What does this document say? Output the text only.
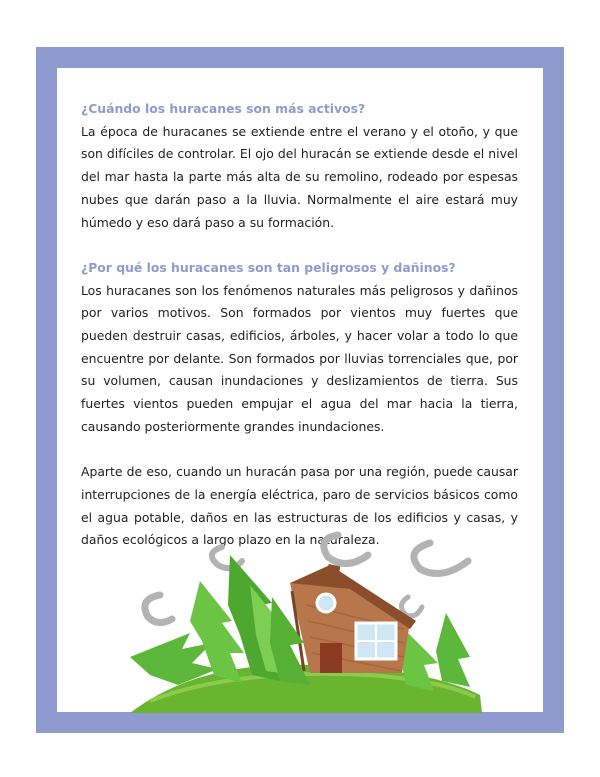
¿Cuándo los huracanes son más activos?

La época de huracanes se extiende entre el verano y el otoño, y que son difíciles de controlar. El ojo del huracán se extiende desde el nivel del mar hasta la parte más alta de su remolino, rodeado por espesas nubes que darán paso a la lluvia. Normalmente el aire estará muy húmedo y eso dará paso a su formación.

¿Por qué los huracanes son tan peligrosos y dañinos?

Los huracanes son los fenómenos naturales más peligrosos y dañinos por varios motivos. Son formados por vientos muy fuertes que pueden destruir casas, edificios, árboles, y hacer volar a todo lo que encuentre por delante. Son formados por lluvias torrenciales que, por su volumen, causan inundaciones y deslizamientos de tierra. Sus fuertes vientos pueden empujar el agua del mar hacia la tierra, causando posteriormente grandes inundaciones.

Aparte de eso, cuando un huracán pasa por una región, puede causar interrupciones de la energía eléctrica, paro de servicios básicos como el agua potable, daños en las estructuras de los edificios y casas, y daños ecológicos a largo plazo en la naturaleza.
